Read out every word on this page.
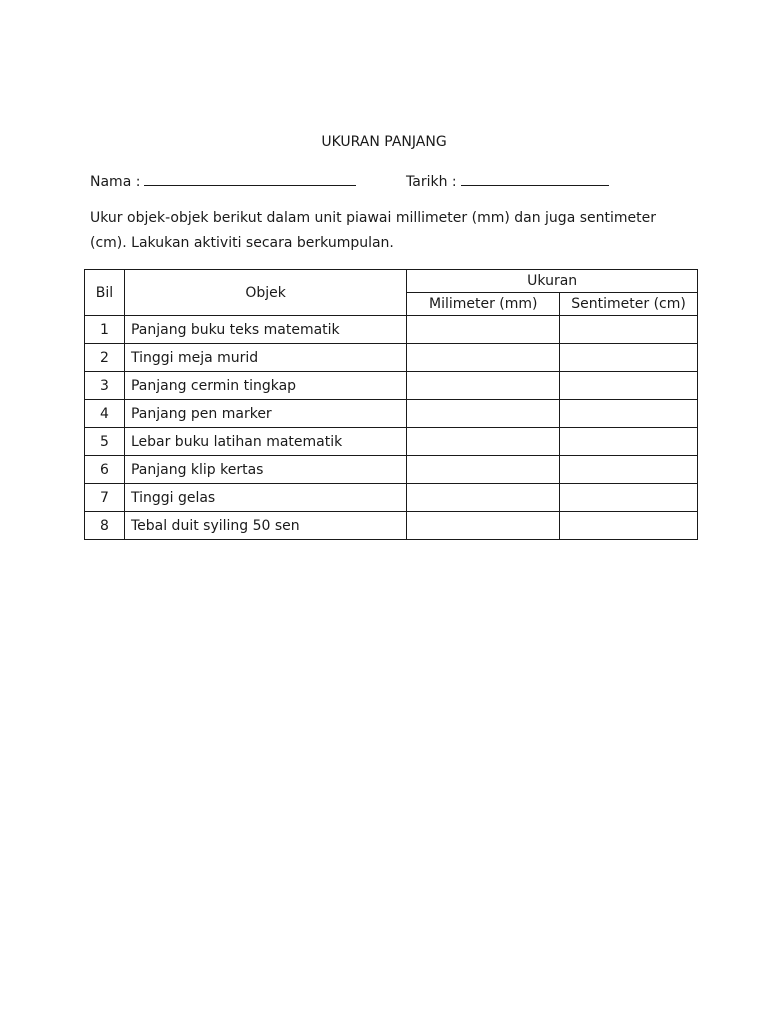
UKURAN PANJANG
Nama :	Tarikh :
Ukur objek-objek berikut dalam unit piawai millimeter (mm) dan juga sentimeter (cm). Lakukan aktiviti secara berkumpulan.
Bil	Objek	Ukuran	
		Milimeter (mm)	Sentimeter (cm)
1	Panjang buku teks matematik		
2	Tinggi meja murid		
3	Panjang cermin tingkap		
4	Panjang pen marker		
5	Lebar buku latihan matematik		
6	Panjang klip kertas		
7	Tinggi gelas		
8	Tebal duit syiling 50 sen		
